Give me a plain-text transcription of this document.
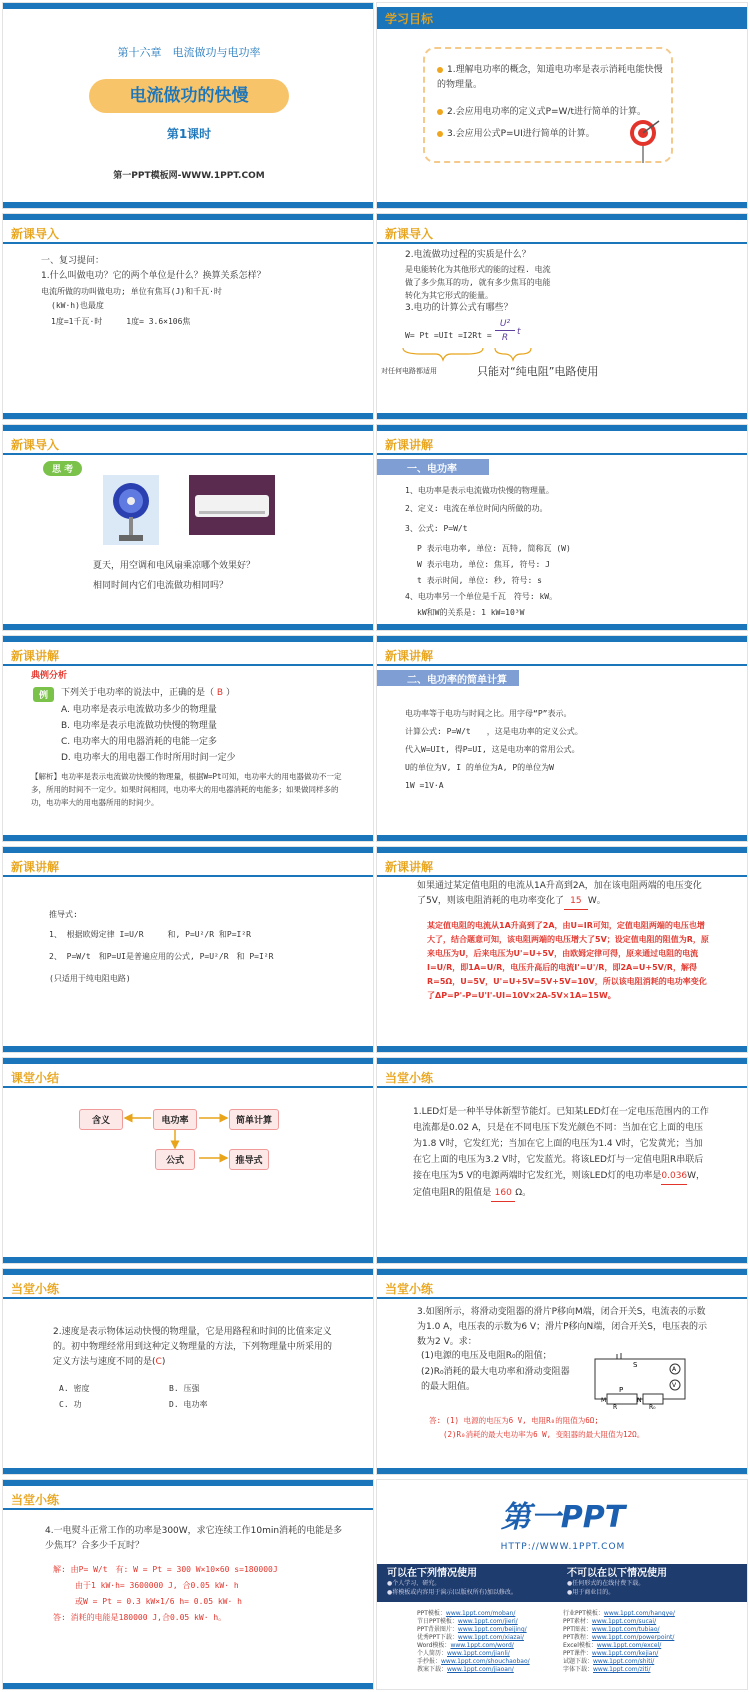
第十六章　电流做功与电功率
电流做功的快慢
第1课时
第一PPT模板网-WWW.1PPT.COM
学习目标
1.理解电功率的概念，知道电功率是表示消耗电能快慢的物理量。
2.会应用电功率的定义式P=W/t进行简单的计算。
3.会应用公式P=UI进行简单的计算。
新课导入
一、复习提问：
1.什么叫做电功？它的两个单位是什么？换算关系怎样？
电流所做的功叫做电功; 单位有焦耳(J)和千瓦·时
(kW·h)也最度
1度=1千瓦·时　　　1度= 3.6×106焦
新课导入
2.电流做功过程的实质是什么？
是电能转化为其他形式的能的过程. 电流
做了多少焦耳的功, 就有多少焦耳的电能
转化为其它形式的能量。
3.电功的计算公式有哪些？
W= Pt =UIt =I2Rt =
U²
R
t
对任何电路都适用	只能对“纯电阻”电路使用
新课导入
思 考
夏天，用空调和电风扇乘凉哪个效果好？
相同时间内它们电流做功相同吗？
新课讲解
一、电功率
1、电功率是表示电流做功快慢的物理量。
2、定义: 电流在单位时间内所做的功。
3、公式: P=W/t
P 表示电功率, 单位: 瓦特, 简称瓦 (W)
W 表示电功, 单位: 焦耳, 符号: J
t 表示时间, 单位: 秒, 符号: s
4、电功率另一个单位是千瓦　符号: kW。
kW和W的关系是: 1 kW=10³W
新课讲解
典例分析
例	下列关于电功率的说法中，正确的是（ B ）
A. 电功率是表示电流做功多少的物理量
B. 电功率是表示电流做功快慢的物理量
C. 电功率大的用电器消耗的电能一定多
D. 电功率大的用电器工作时所用时间一定少
【解析】电功率是表示电流做功快慢的物理量，根据W=Pt可知，电功率大的用电器做功不一定多，所用的时间不一定少。如果时间相同，电功率大的用电器消耗的电能多；如果做同样多的功，电功率大的用电器所用的时间少。
新课讲解
二、电功率的简单计算
电功率等于电功与时间之比。用字母“P”表示。
计算公式: P=W/t　　，这是电功率的定义公式。
代入W=UIt, 得P=UI, 这是电功率的常用公式。
U的单位为V, I 的单位为A, P的单位为W
1W =1V·A
新课讲解
推导式:
1、 根据欧姆定律 I=U/R　　　和, P=U²/R 和P=I²R
2、 P=W/t　和P=UI是普遍应用的公式, P=U²/R　和 P=I²R
(只适用于纯电阻电路)
新课讲解
如果通过某定值电阻的电流从1A升高到2A，加在该电阻两端的电压变化了5V，则该电阻消耗的电功率变化了 15 W。
某定值电阻的电流从1A升高到了2A，由U=IR可知，定值电阻两端的电压也增大了，结合题意可知，该电阻两端的电压增大了5V；设定值电阻的阻值为R，原来电压为U，后来电压为U'=U+5V，由欧姆定律可得，原来通过电阻的电流I=U/R，即1A=U/R，电压升高后的电流I'=U'/R，即2A=U+5V/R，解得R=5Ω，U=5V，U'=U+5V=5V+5V=10V，所以该电阻消耗的电功率变化了ΔP=P'-P=U'I'-UI=10V×2A-5V×1A=15W。
课堂小结
含义	电功率	简单计算
公式	推导式
当堂小练
1.LED灯是一种半导体新型节能灯。已知某LED灯在一定电压范围内的工作电流都是0.02 A，只是在不同电压下发光颜色不同：当加在它上面的电压为1.8 V时，它发红光；当加在它上面的电压为1.4 V时，它发黄光；当加在它上面的电压为3.2 V时，它发蓝光。将该LED灯与一定值电阻R串联后接在电压为5 V的电源两端时它发红光，则该LED灯的电功率是0.036W，定值电阻R的阻值是 160 Ω。
当堂小练
2.速度是表示物体运动快慢的物理量，它是用路程和时间的比值来定义的。初中物理经常用到这种定义物理量的方法，下列物理量中所采用的定义方法与速度不同的是(C)
A. 密度	B. 压强
C. 功	D. 电功率
当堂小练
3.如图所示，将滑动变阻器的滑片P移向M端，闭合开关S，电流表的示数为1.0 A，电压表的示数为6 V；滑片P移向N端，闭合开关S，电压表的示数为2 V。求：
(1)电源的电压及电阻R₀的阻值；
(2)R₀消耗的最大电功率和滑动变阻器的最大阻值。
S
A
V
P
M	N
R	R₀
答: (1) 电源的电压为6 V, 电阻R₀的阻值为6Ω;
(2)R₀消耗的最大电功率为6 W, 变阻器的最大阻值为12Ω。
当堂小练
4.一电熨斗正常工作的功率是300W，求它连续工作10min消耗的电能是多少焦耳？合多少千瓦时？
解: 由P= W/t　有: W = Pt = 300 W×10×60 s=180000J
由于1 kW·h= 3600000 J, 合0.05 kW· h
或W = Pt = 0.3 kW×1/6 h= 0.05 kW· h
答: 消耗的电能是180000 J,合0.05 kW· h。
第一PPT
HTTP://WWW.1PPT.COM
可以在下列情况使用
●个人学习、研究。
●将模板或内容用于演示(以版权所有)加以修改。
不可以在以下情况使用
●任何形式的在线付费下载。
●用于商业目的。
PPT模板：www.1ppt.com/moban/
节日PPT模板：www.1ppt.com/jieri/
PPT背景图片：www.1ppt.com/beijing/
优秀PPT下载：www.1ppt.com/xiazai/
Word模板：www.1ppt.com/word/
个人简历：www.1ppt.com/jianli/
手抄报：www.1ppt.com/shouchaobao/
教案下载：www.1ppt.com/jiaoan/
行业PPT模板：www.1ppt.com/hangye/
PPT素材：www.1ppt.com/sucai/
PPT图表：www.1ppt.com/tubiao/
PPT教程：www.1ppt.com/powerpoint/
Excel模板：www.1ppt.com/excel/
PPT课件：www.1ppt.com/kejian/
试题下载：www.1ppt.com/shiti/
字体下载：www.1ppt.com/ziti/
